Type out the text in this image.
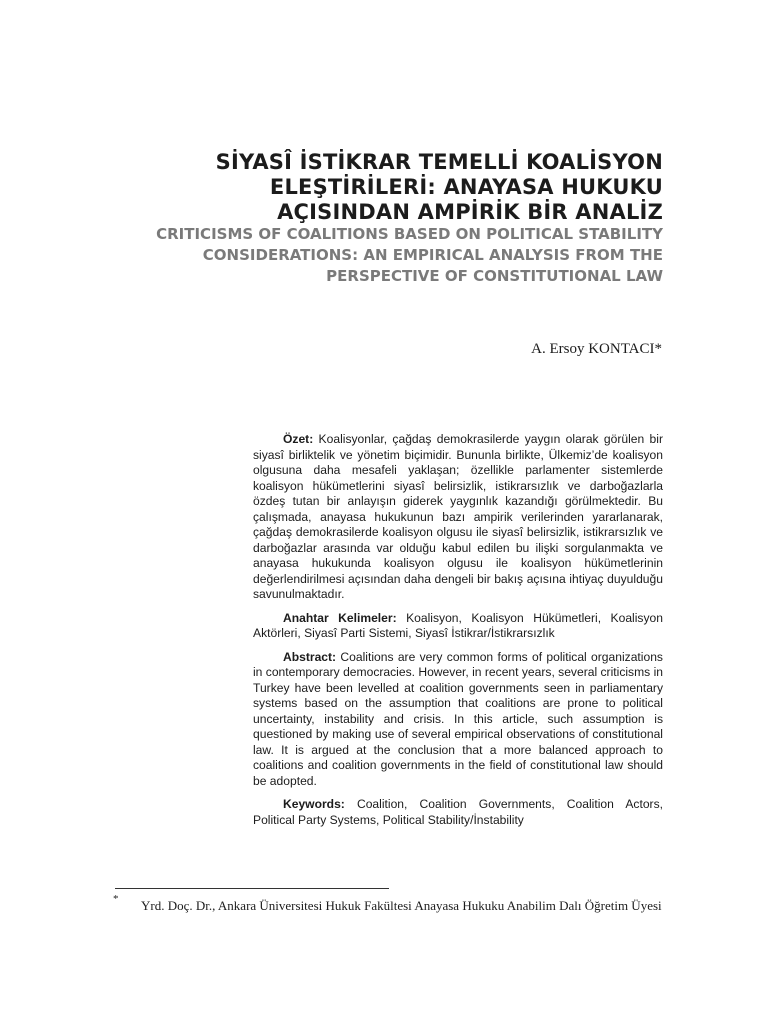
SİYASÎ İSTİKRAR TEMELLİ KOALİSYON
ELEŞTİRİLERİ: ANAYASA HUKUKU
AÇISINDAN AMPİRİK BİR ANALİZ
CRITICISMS OF COALITIONS BASED ON POLITICAL STABILITY
CONSIDERATIONS: AN EMPIRICAL ANALYSIS FROM THE
PERSPECTIVE OF CONSTITUTIONAL LAW
A. Ersoy KONTACI*

Özet: Koalisyonlar, çağdaş demokrasilerde yaygın olarak görülen bir siyasî birliktelik ve yönetim biçimidir. Bununla birlikte, Ülkemiz’de koalisyon olgusuna daha mesafeli yaklaşan; özellikle parlamenter sistemlerde koalisyon hükümetlerini siyasî belirsizlik, istikrarsızlık ve darboğazlarla özdeş tutan bir anlayışın giderek yaygınlık kazandığı görülmektedir. Bu çalışmada, anayasa hukukunun bazı ampirik verilerinden yararlanarak, çağdaş demokrasilerde koalisyon olgusu ile siyasî belirsizlik, istikrarsızlık ve darboğazlar arasında var olduğu kabul edilen bu ilişki sorgulanmakta ve anayasa hukukunda koalisyon olgusu ile koalisyon hükümetlerinin değerlendirilmesi açısından daha dengeli bir bakış açısına ihtiyaç duyulduğu savunulmaktadır.

Anahtar Kelimeler: Koalisyon, Koalisyon Hükümetleri, Koalisyon Aktörleri, Siyasî Parti Sistemi, Siyasî İstikrar/İstikrarsızlık

Abstract: Coalitions are very common forms of political organizations in contemporary democracies. However, in recent years, several criticisms in Turkey have been levelled at coalition governments seen in parliamentary systems based on the assumption that coalitions are prone to political uncertainty, instability and crisis. In this article, such assumption is questioned by making use of several empirical observations of constitutional law. It is argued at the conclusion that a more balanced approach to coalitions and coalition governments in the field of constitutional law should be adopted.

Keywords: Coalition, Coalition Governments, Coalition Actors, Political Party Systems, Political Stability/İnstability

*	Yrd. Doç. Dr., Ankara Üniversitesi Hukuk Fakültesi Anayasa Hukuku Anabilim Dalı Öğretim Üyesi
